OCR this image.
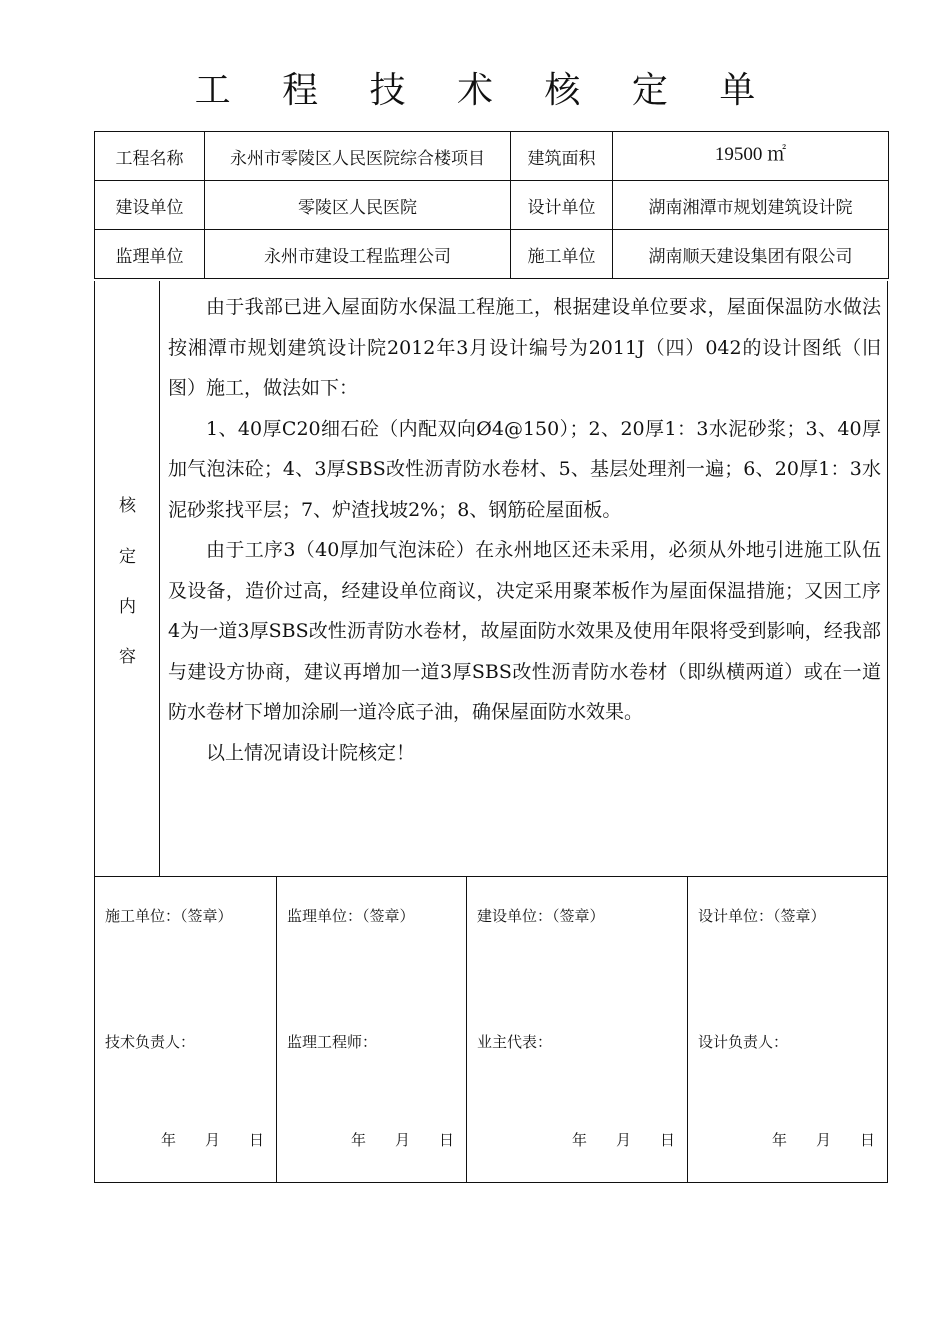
工 程 技 术 核 定 单
工程名称	永州市零陵区人民医院综合楼项目	建筑面积	19500 ㎡
建设单位	零陵区人民医院	设计单位	湖南湘潭市规划建筑设计院
监理单位	永州市建设工程监理公司	施工单位	湖南顺天建设集团有限公司
核
定
内
容

由于我部已进入屋面防水保温工程施工，根据建设单位要求，屋面保温防水做法按湘潭市规划建筑设计院2012年3月设计编号为2011J（四）042的设计图纸（旧图）施工，做法如下：

1、40厚C20细石砼（内配双向Ø4@150）；2、20厚1：3水泥砂浆；3、40厚加气泡沫砼；4、3厚SBS改性沥青防水卷材、5、基层处理剂一遍；6、20厚1：3水泥砂浆找平层；7、炉渣找坡2%；8、钢筋砼屋面板。

由于工序3（40厚加气泡沫砼）在永州地区还未采用，必须从外地引进施工队伍及设备，造价过高，经建设单位商议，决定采用聚苯板作为屋面保温措施；又因工序4为一道3厚SBS改性沥青防水卷材，故屋面防水效果及使用年限将受到影响，经我部与建设方协商，建议再增加一道3厚SBS改性沥青防水卷材（即纵横两道）或在一道防水卷材下增加涂刷一道冷底子油，确保屋面防水效果。

以上情况请设计院核定！

施工单位：（签章）
技术负责人：
年 月 日
监理单位：（签章）
监理工程师：
年 月 日
建设单位：（签章）
业主代表：
年 月 日
设计单位：（签章）
设计负责人：
年 月 日
